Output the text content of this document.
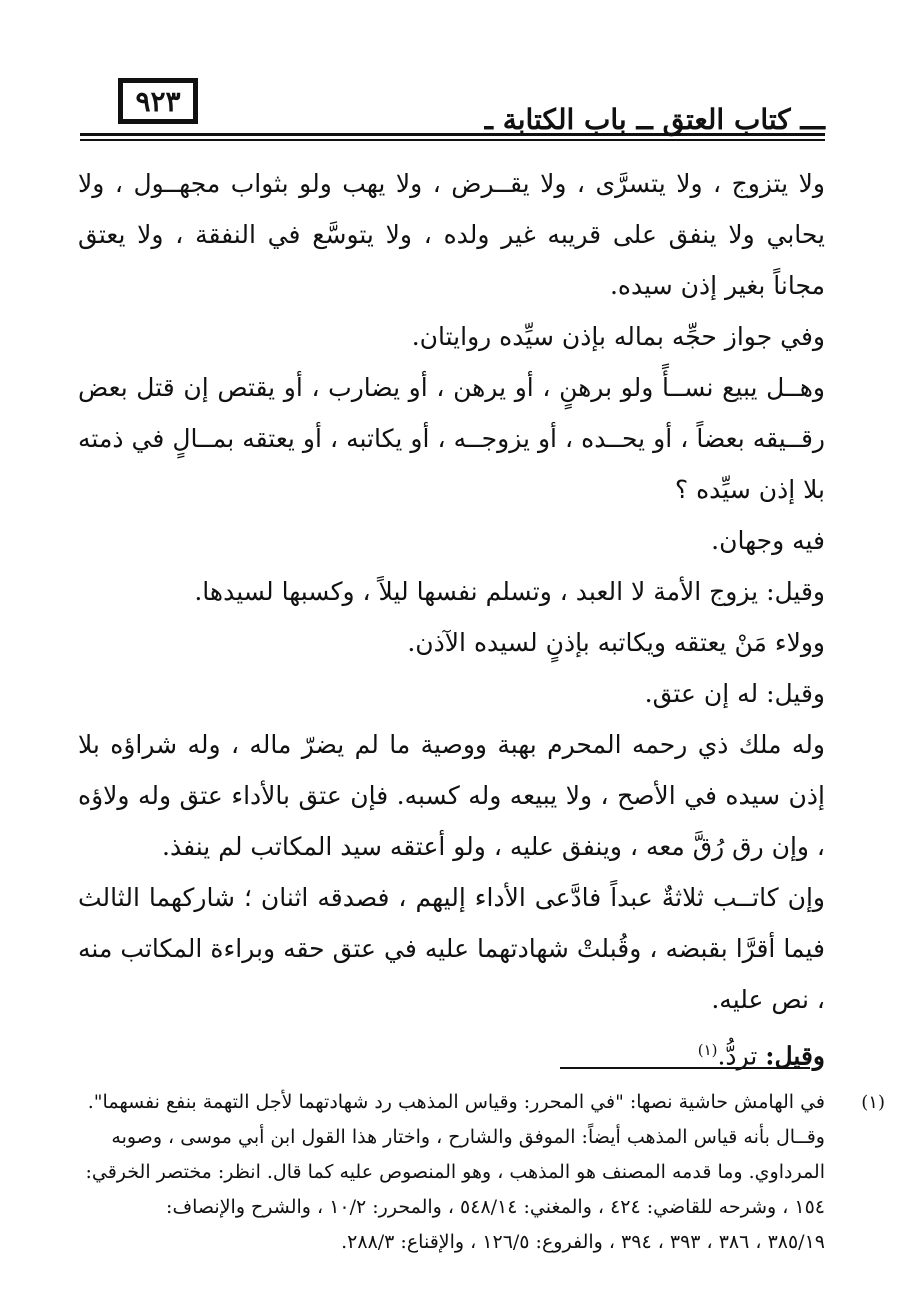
٩٢٣
ـــ كتاب العتق ــ باب الكتابة ـ

ولا يتزوج ، ولا يتسرَّى ، ولا يقــرض ، ولا يهب ولو بثواب مجهــول ، ولا يحابي ولا ينفق على قريبه غير ولده ، ولا يتوسَّع في النفقة ، ولا يعتق مجاناً بغير إذن سيده.

وفي جواز حجِّه بماله بإذن سيِّده روايتان.

وهــل يبيع نســأً ولو برهنٍ ، أو يرهن ، أو يضارب ، أو يقتص إن قتل بعض رقــيقه بعضاً ، أو يحــده ، أو يزوجــه ، أو يكاتبه ، أو يعتقه بمــالٍ في ذمته بلا إذن سيِّده ؟

فيه وجهان.

وقيل: يزوج الأمة لا العبد ، وتسلم نفسها ليلاً ، وكسبها لسيدها.

وولاء مَنْ يعتقه ويكاتبه بإذنٍ لسيده الآذن.

وقيل: له إن عتق.

وله ملك ذي رحمه المحرم بهبة ووصية ما لم يضرّ ماله ، وله شراؤه بلا إذن سيده في الأصح ، ولا يبيعه وله كسبه. فإن عتق بالأداء عتق وله ولاؤه ، وإن رق رُقَّ معه ، وينفق عليه ، ولو أعتقه سيد المكاتب لم ينفذ.

وإن كاتــب ثلاثةٌ عبداً فادَّعى الأداء إليهم ، فصدقه اثنان ؛ شاركهما الثالث فيما أقرَّا بقبضه ، وقُبلتْ شهادتهما عليه في عتق حقه وبراءة المكاتب منه ، نص عليه.

وقيل: تردُّ.$^{(١)}$

(١)

في الهامش حاشية نصها: "في المحرر: وقياس المذهب رد شهادتهما لأجل التهمة بنفع نفسهما".

وقــال بأنه قياس المذهب أيضاً: الموفق والشارح ، واختار هذا القول ابن أبي موسى ، وصوبه

المرداوي. وما قدمه المصنف هو المذهب ، وهو المنصوص عليه كما قال. انظر: مختصر الخرقي:

١٥٤ ، وشرحه للقاضي: ٤٢٤ ، والمغني: ٥٤٨/١٤ ، والمحرر: ١٠/٢ ، والشرح والإنصاف:

٣٨٥/١٩ ، ٣٨٦ ، ٣٩٣ ، ٣٩٤ ، والفروع: ١٢٦/٥ ، والإقناع: ٢٨٨/٣.
